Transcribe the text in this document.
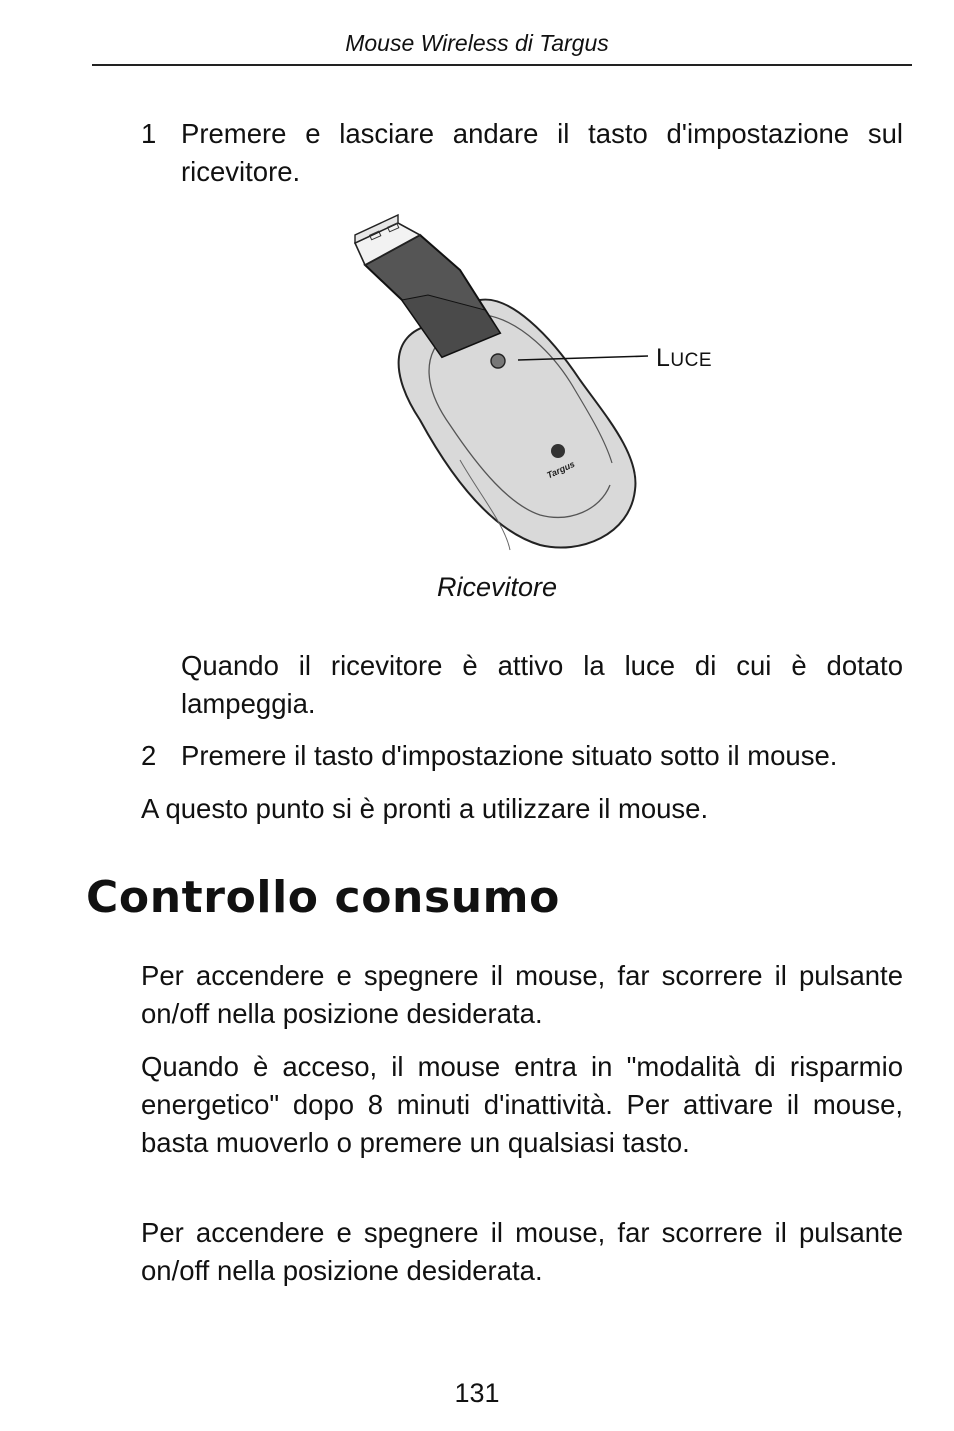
Mouse Wireless di Targus
1 Premere e lasciare andare il tasto d'impostazione sul ricevitore.

Targus
LUCE
Ricevitore

Quando il ricevitore è attivo la luce di cui è dotato lampeggia.

2 Premere il tasto d'impostazione situato sotto il mouse.

A questo punto si è pronti a utilizzare il mouse.

Controllo consumo

Per accendere e spegnere il mouse, far scorrere il pulsante on/off nella posizione desiderata.

Quando è acceso, il mouse entra in "modalità di risparmio energetico" dopo 8 minuti d'inattività. Per attivare il mouse, basta muoverlo o premere un qualsiasi tasto.

Per accendere e spegnere il mouse, far scorrere il pulsante on/off nella posizione desiderata.

131
